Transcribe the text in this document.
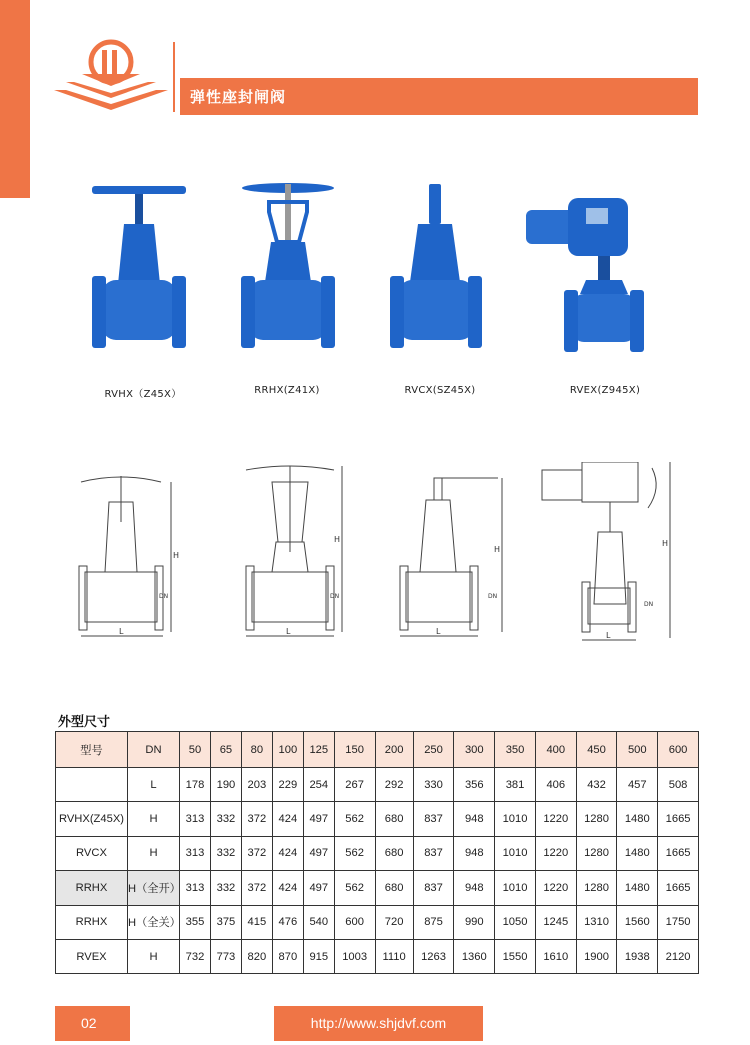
弹性座封闸阀
RVHX（Z45X）	RRHX(Z41X)	RVCX(SZ45X)	RVEX(Z945X)
H
DN
L
H
DN
L
H
DN
L
H
DN
L
外型尺寸
型号	DN	50	65	80	100	125	150	200	250	300	350	400	450	500	600
	L	178	190	203	229	254	267	292	330	356	381	406	432	457	508
RVHX(Z45X)	H	313	332	372	424	497	562	680	837	948	1010	1220	1280	1480	1665
RVCX	H	313	332	372	424	497	562	680	837	948	1010	1220	1280	1480	1665
RRHX	H（全开）	313	332	372	424	497	562	680	837	948	1010	1220	1280	1480	1665
RRHX	H（全关）	355	375	415	476	540	600	720	875	990	1050	1245	1310	1560	1750
RVEX	H	732	773	820	870	915	1003	1110	1263	1360	1550	1610	1900	1938	2120
02	http://www.shjdvf.com
